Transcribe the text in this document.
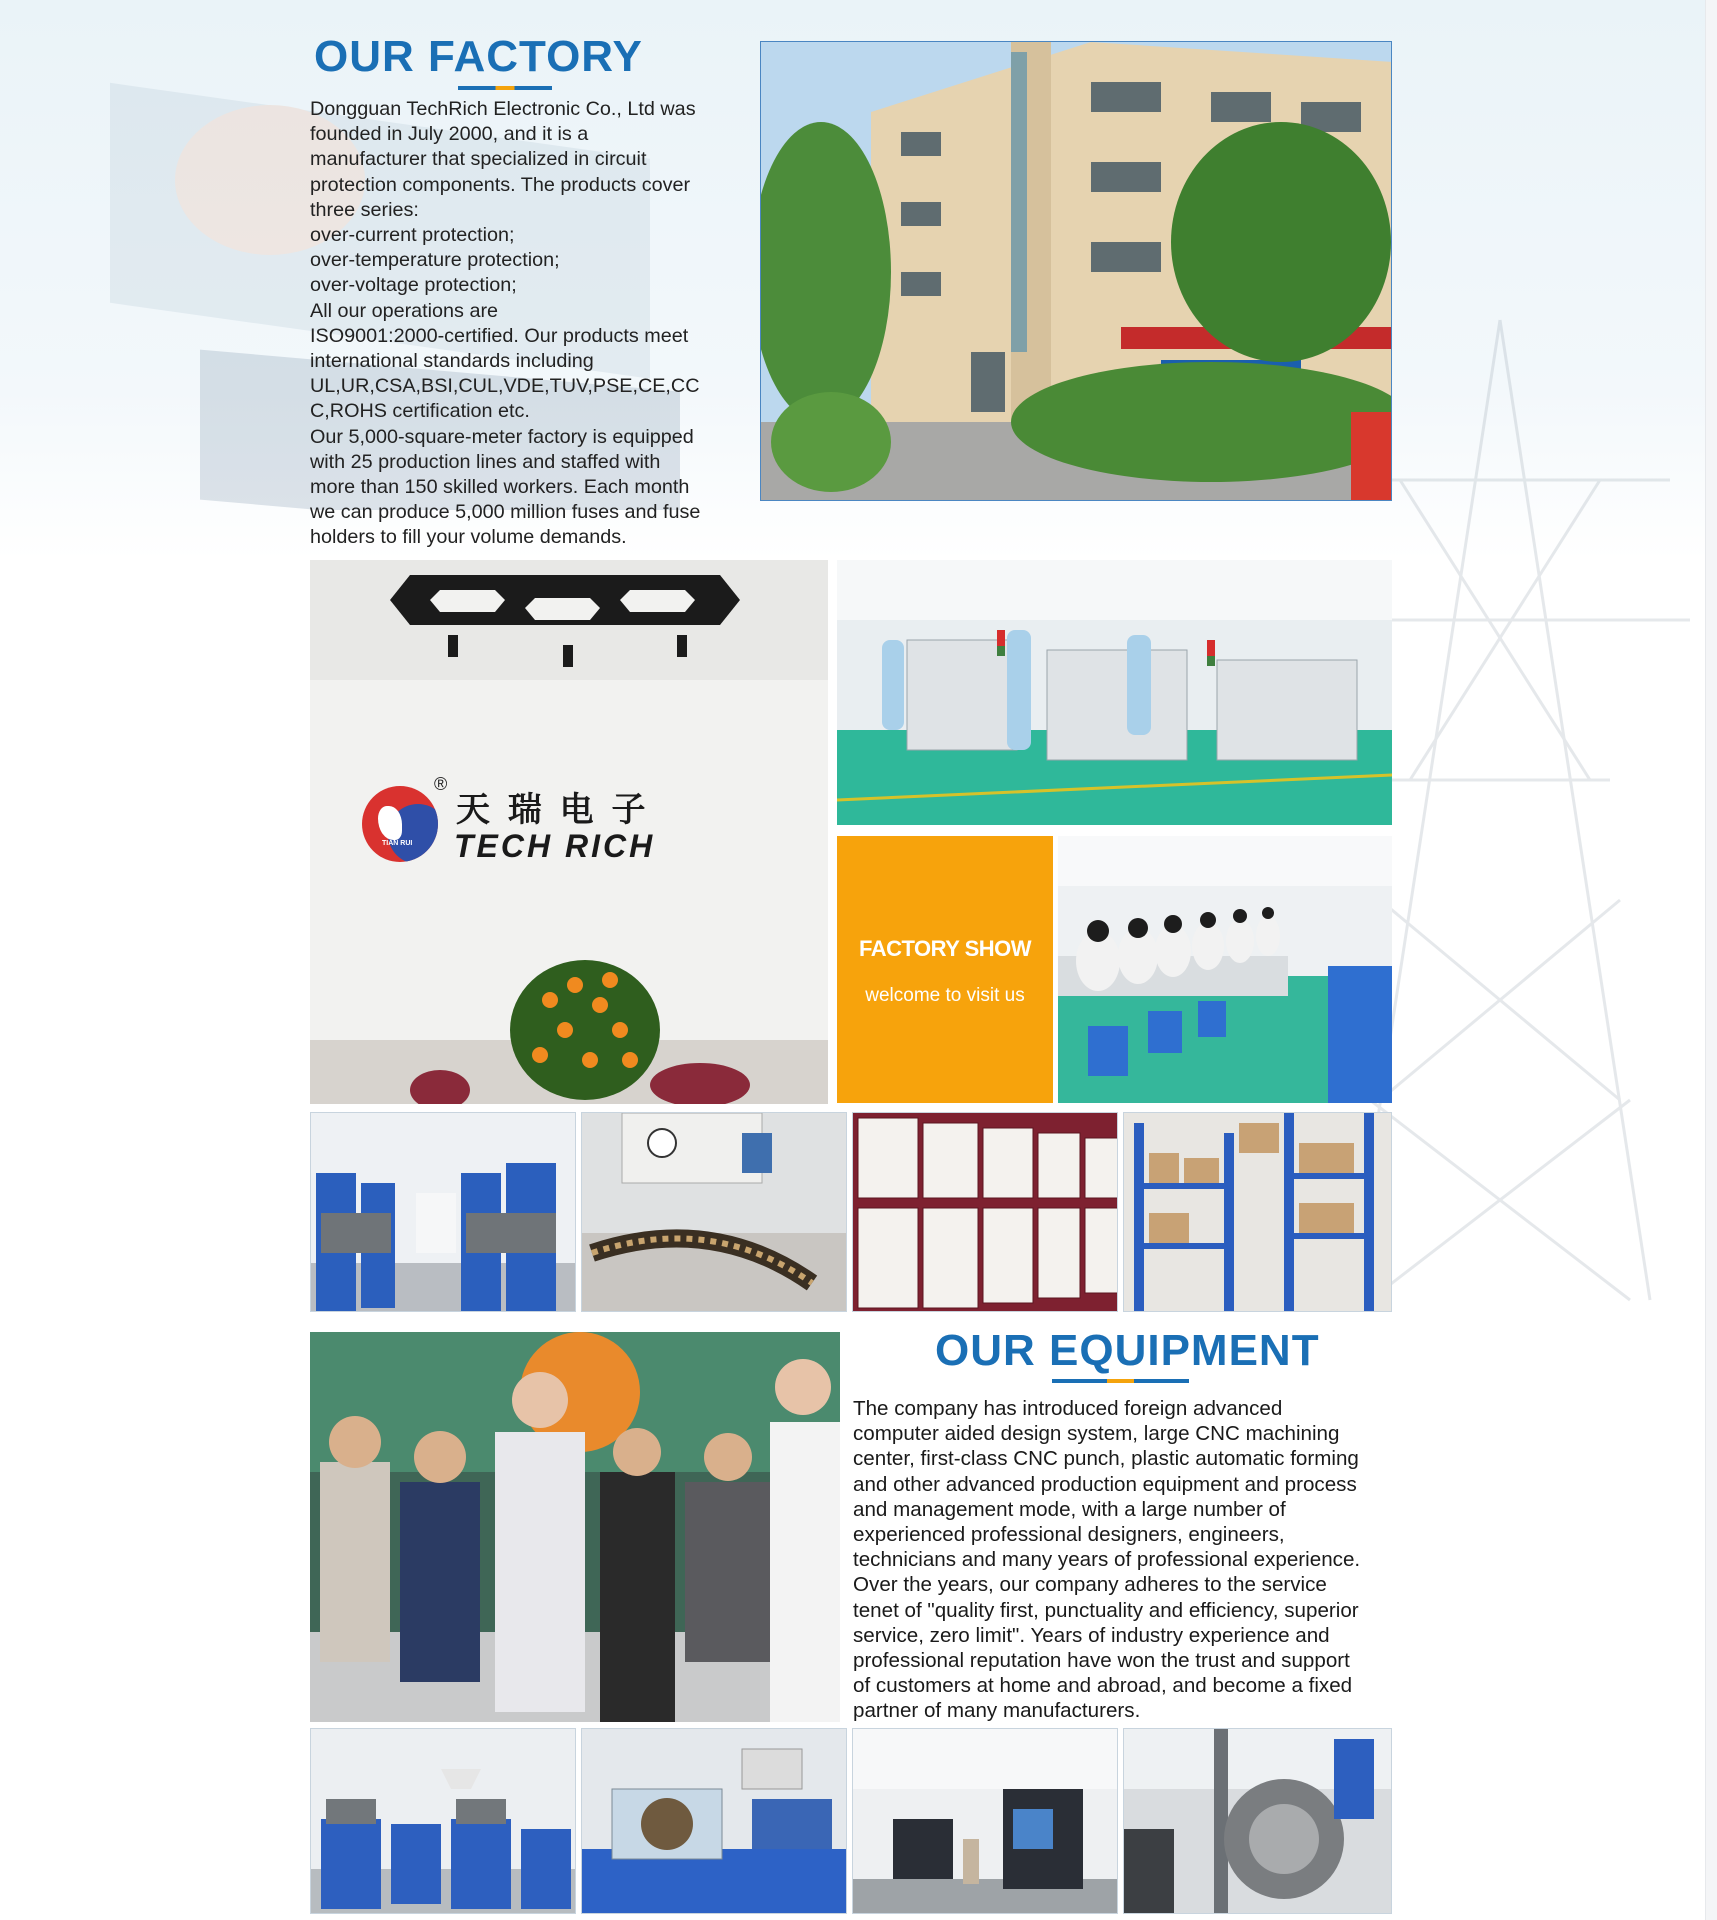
OUR FACTORY
Dongguan TechRich Electronic Co., Ltd was
founded in July 2000, and it is a
manufacturer that specialized in circuit
protection components. The products cover
three series:
over-current protection;
over-temperature protection;
over-voltage protection;
All our operations are
ISO9001:2000-certified. Our products meet
international standards including
UL,UR,CSA,BSI,CUL,VDE,TUV,PSE,CE,CC
C,ROHS certification etc.
Our 5,000-square-meter factory is equipped
with 25 production lines and staffed with
more than 150 skilled workers. Each month
we can produce 5,000 million fuses and fuse
holders to fill your volume demands.
TIAN RUI
®
天 瑞 电 子
TECH RICH
FACTORY SHOW
welcome to visit us
OUR EQUIPMENT
The company has introduced foreign advanced
computer aided design system, large CNC machining
center, first-class CNC punch, plastic automatic forming
and other advanced production equipment and process
and management mode, with a large number of
experienced professional designers, engineers,
technicians and many years of professional experience.
Over the years, our company adheres to the service
tenet of "quality first, punctuality and efficiency, superior
service, zero limit". Years of industry experience and
professional reputation have won the trust and support
of customers at home and abroad, and become a fixed
partner of many manufacturers.
